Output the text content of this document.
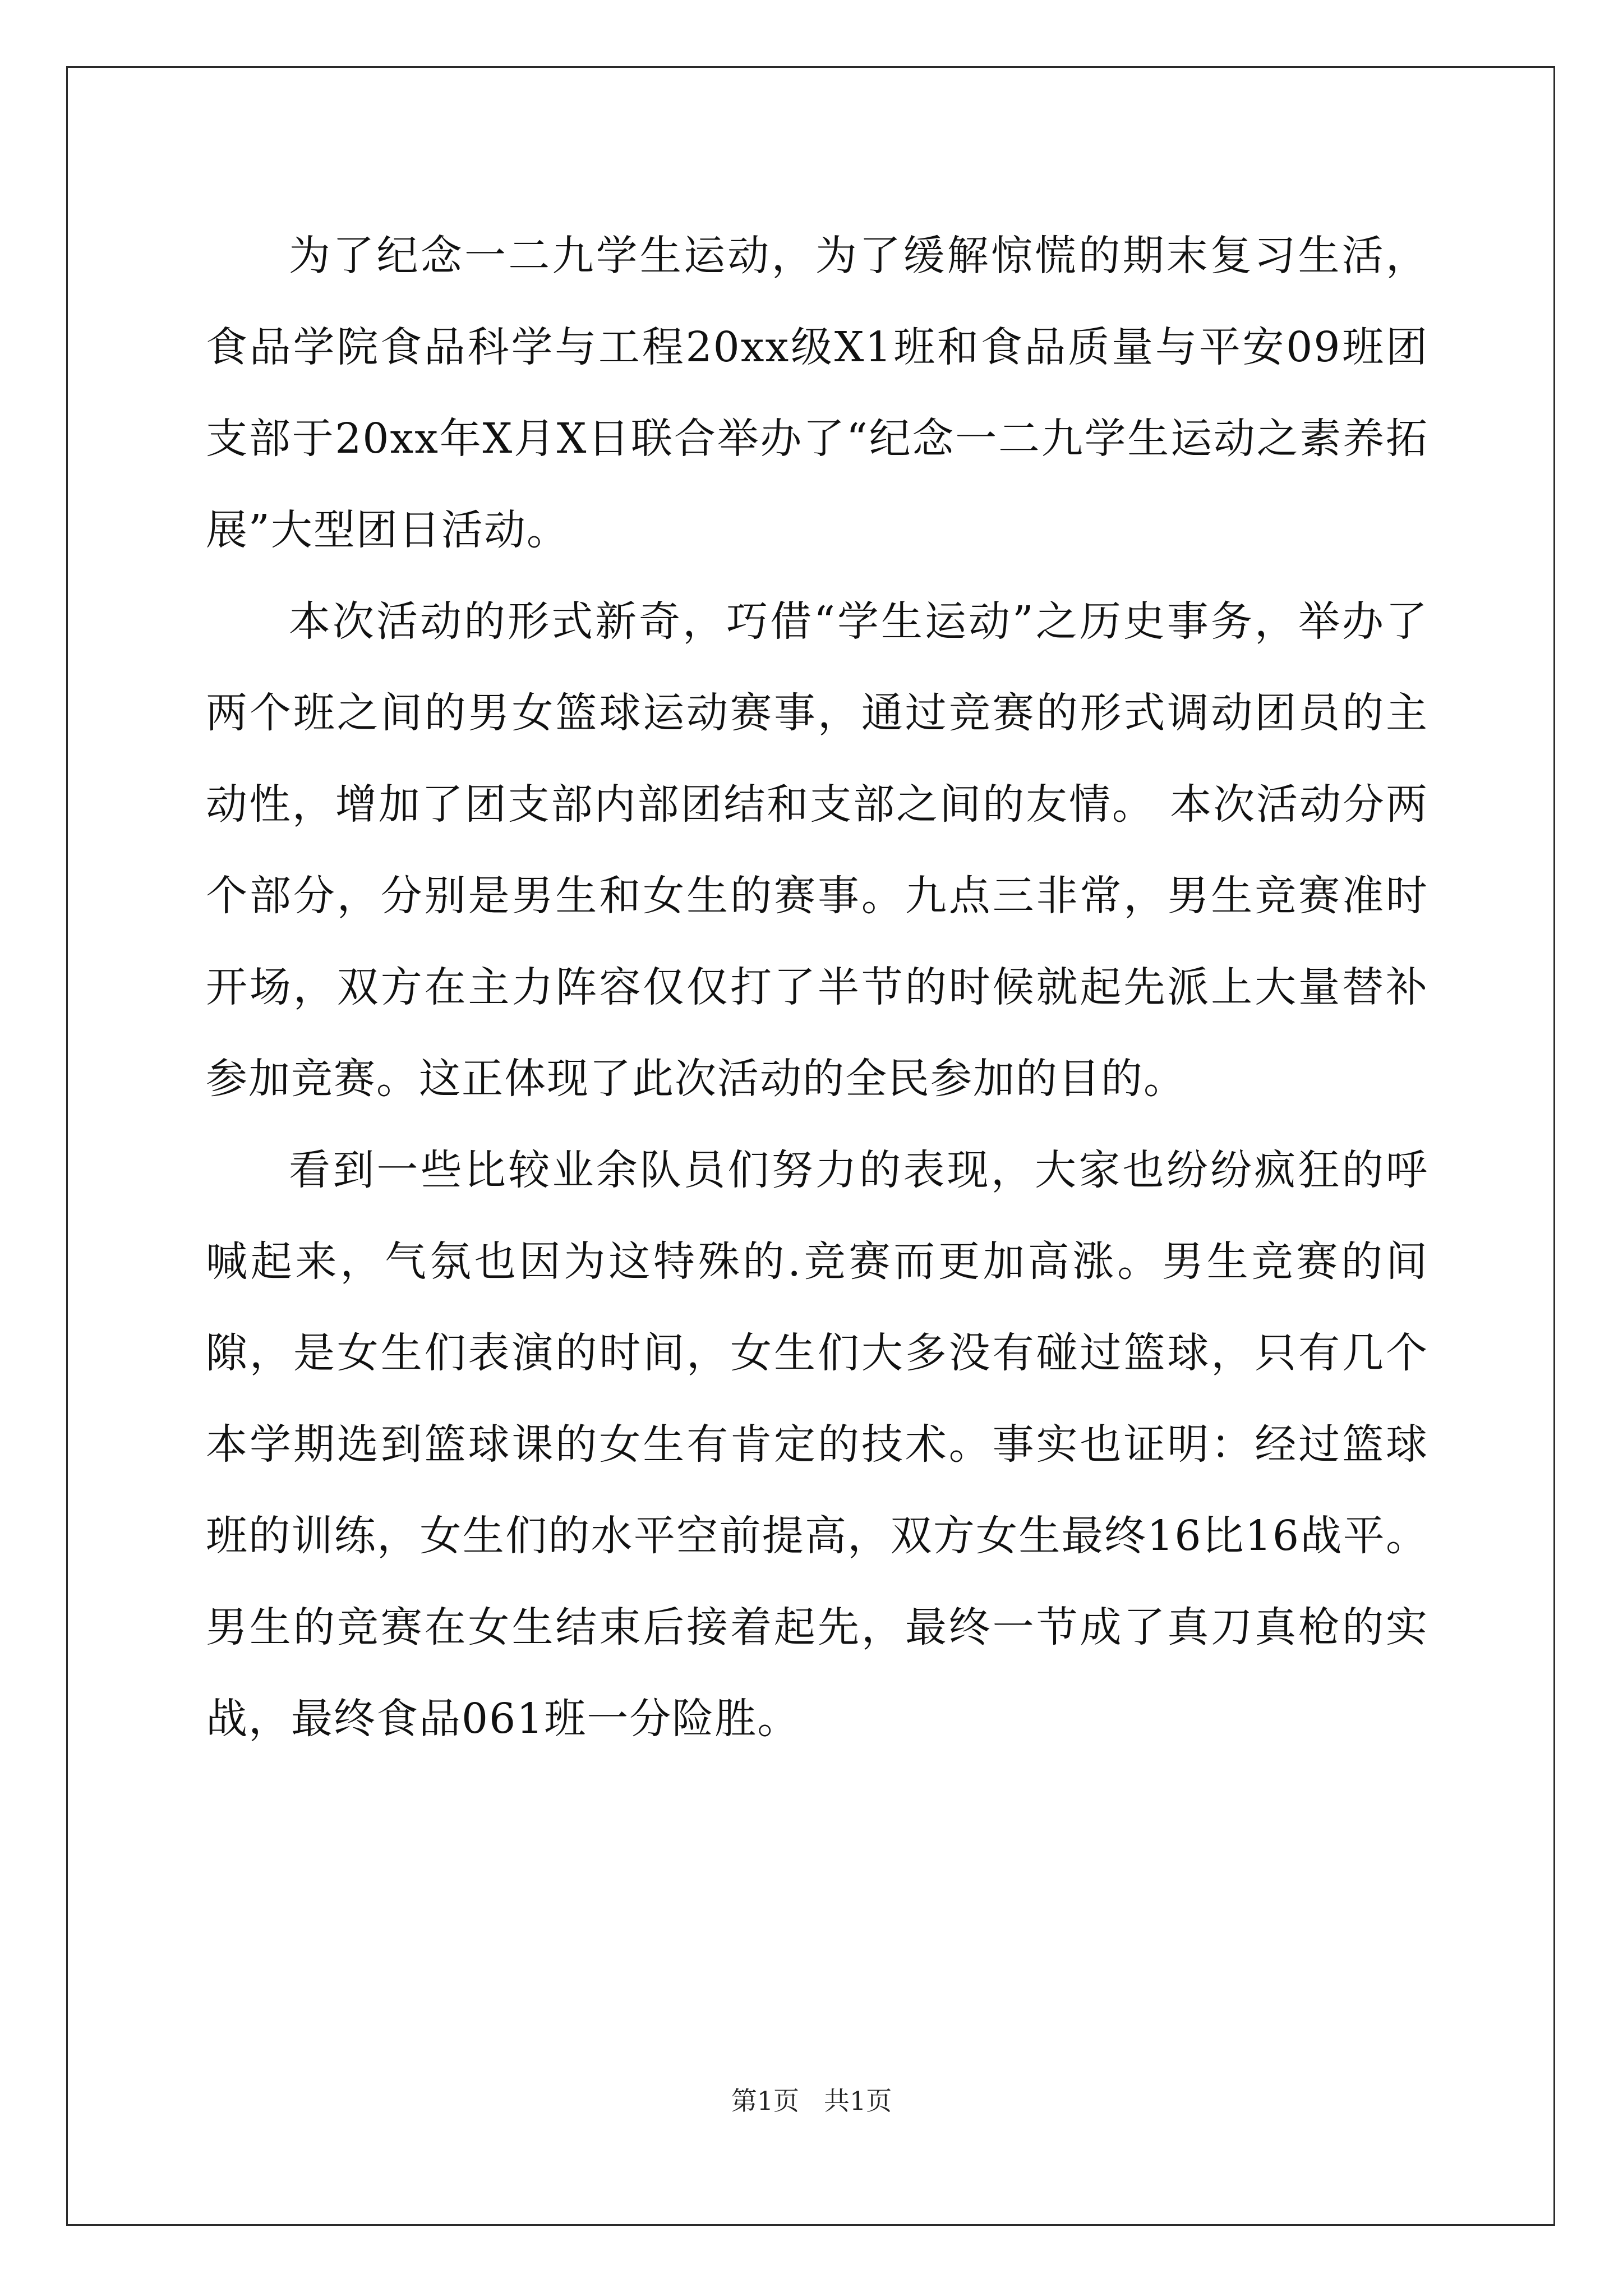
为了纪念一二九学生运动，为了缓解惊慌的期末复习生活，食品学院食品科学与工程20xx级X1班和食品质量与平安09班团支部于20xx年X月X日联合举办了“纪念一二九学生运动之素养拓展”大型团日活动。

本次活动的形式新奇，巧借“学生运动”之历史事务，举办了两个班之间的男女篮球运动赛事，通过竞赛的形式调动团员的主动性，增加了团支部内部团结和支部之间的友情。 本次活动分两个部分，分别是男生和女生的赛事。九点三非常，男生竞赛准时开场，双方在主力阵容仅仅打了半节的时候就起先派上大量替补参加竞赛。这正体现了此次活动的全民参加的目的。

看到一些比较业余队员们努力的表现，大家也纷纷疯狂的呼喊起来，气氛也因为这特殊的.竞赛而更加高涨。男生竞赛的间隙，是女生们表演的时间，女生们大多没有碰过篮球，只有几个本学期选到篮球课的女生有肯定的技术。事实也证明：经过篮球班的训练，女生们的水平空前提高，双方女生最终16比16战平。男生的竞赛在女生结束后接着起先，最终一节成了真刀真枪的实战，最终食品061班一分险胜。

第1页 共1页
